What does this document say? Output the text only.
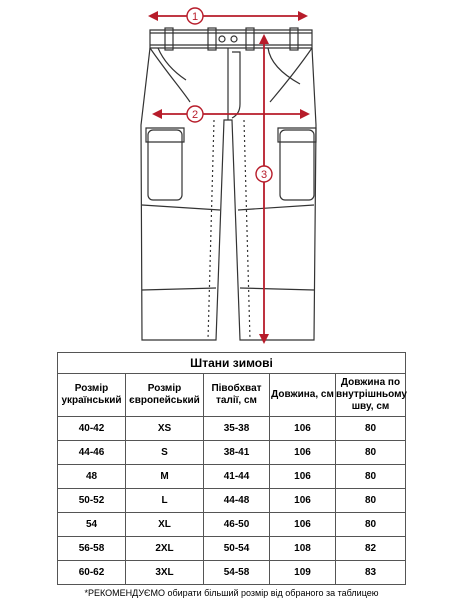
1
2
3
Штани зимові				
Розмір український	Розмір європейський	Півобхват талії, см	Довжина, см	Довжина по внутрішньому шву, см
40-42	XS	35-38	106	80
44-46	S	38-41	106	80
48	M	41-44	106	80
50-52	L	44-48	106	80
54	XL	46-50	106	80
56-58	2XL	50-54	108	82
60-62	3XL	54-58	109	83
*РЕКОМЕНДУЄМО обирати більший розмір від обраного за таблицею				
